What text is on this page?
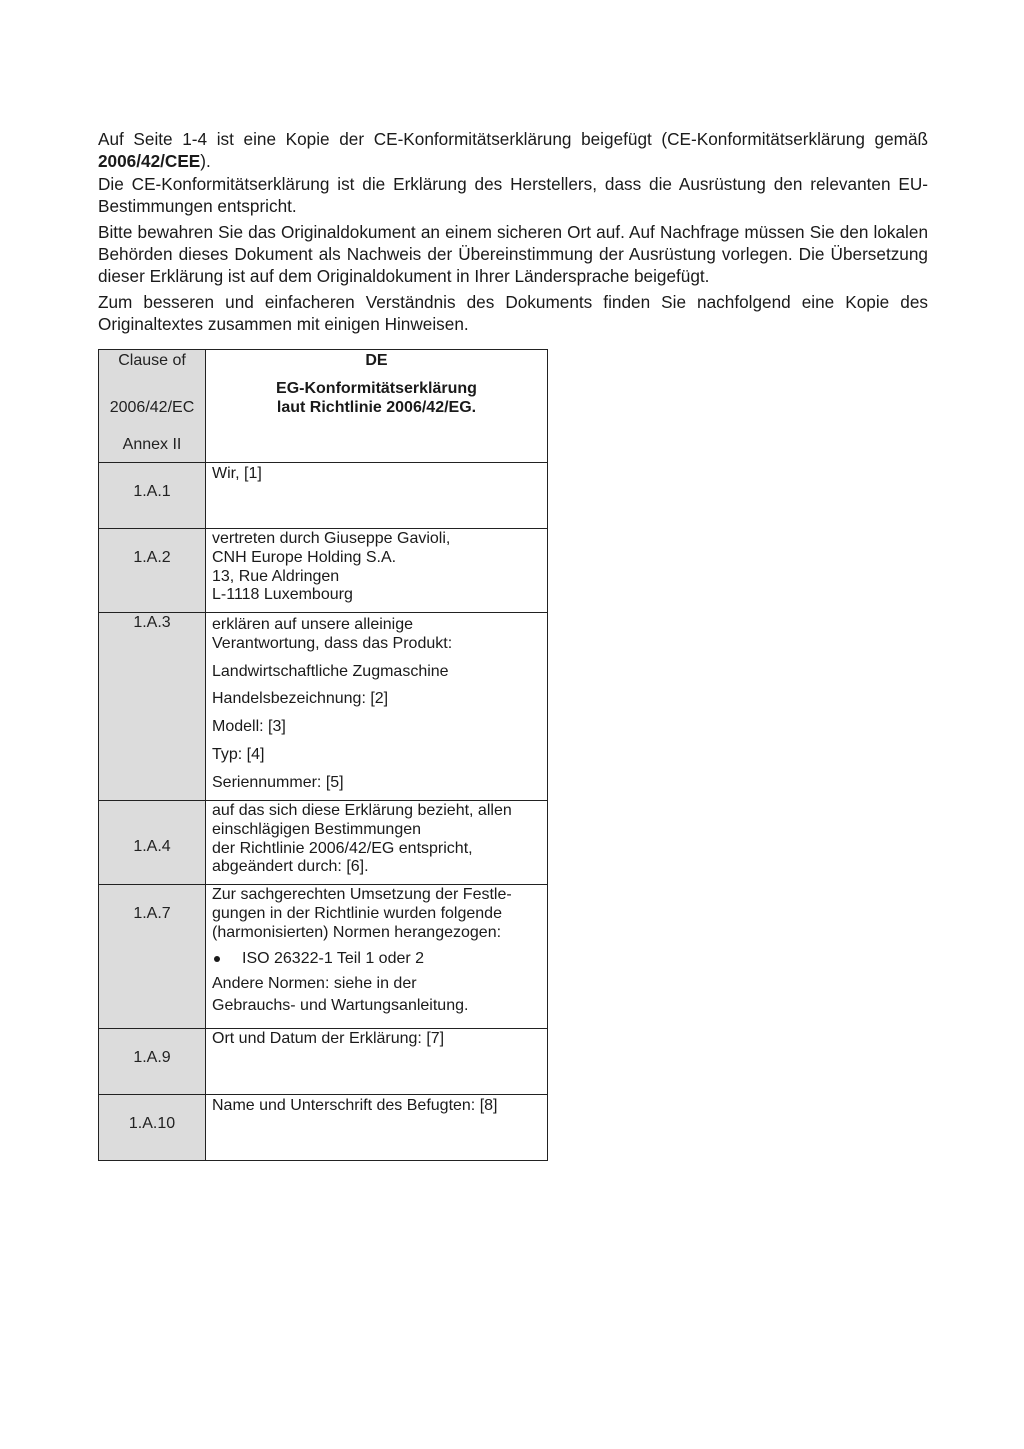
Auf Seite 1-4 ist eine Kopie der CE-Konformitätserklärung beigefügt (CE-Konformitätserklärung gemäß 2006/42/CEE).

Die CE-Konformitätserklärung ist die Erklärung des Herstellers, dass die Ausrüstung den relevanten EU-Bestimmungen entspricht.

Bitte bewahren Sie das Originaldokument an einem sicheren Ort auf. Auf Nachfrage müssen Sie den lokalen Behörden dieses Dokument als Nachweis der Übereinstimmung der Ausrüstung vorlegen. Die Übersetzung dieser Erklärung ist auf dem Originaldokument in Ihrer Ländersprache beigefügt.

Zum besseren und einfacheren Verständnis des Dokuments finden Sie nachfolgend eine Kopie des Originaltextes zusammen mit einigen Hinweisen.

Clause of
2006/42/EC
Annex II

DE

EG-Konformitätserklärung

laut Richtlinie 2006/42/EG.

1.A.1

Wir, [1]

1.A.2

vertreten durch Giuseppe Gavioli,

CNH Europe Holding S.A.

13, Rue Aldringen

L-1118 Luxembourg

1.A.3	erklären auf unsere alleinige

Verantwortung, dass das Produkt:

Landwirtschaftliche Zugmaschine

Handelsbezeichnung: [2]

Modell: [3]

Typ: [4]

Seriennummer: [5]

1.A.4

auf das sich diese Erklärung bezieht, allen

einschlägigen Bestimmungen

der Richtlinie 2006/42/EG entspricht,

abgeändert durch: [6].

1.A.7

Zur sachgerechten Umsetzung der Festle-

gungen in der Richtlinie wurden folgende

(harmonisierten) Normen herangezogen:

ISO 26322-1 Teil 1 oder 2

Andere Normen: siehe in der

Gebrauchs- und Wartungsanleitung.

1.A.9

Ort und Datum der Erklärung: [7]

1.A.10

Name und Unterschrift des Befugten: [8]
